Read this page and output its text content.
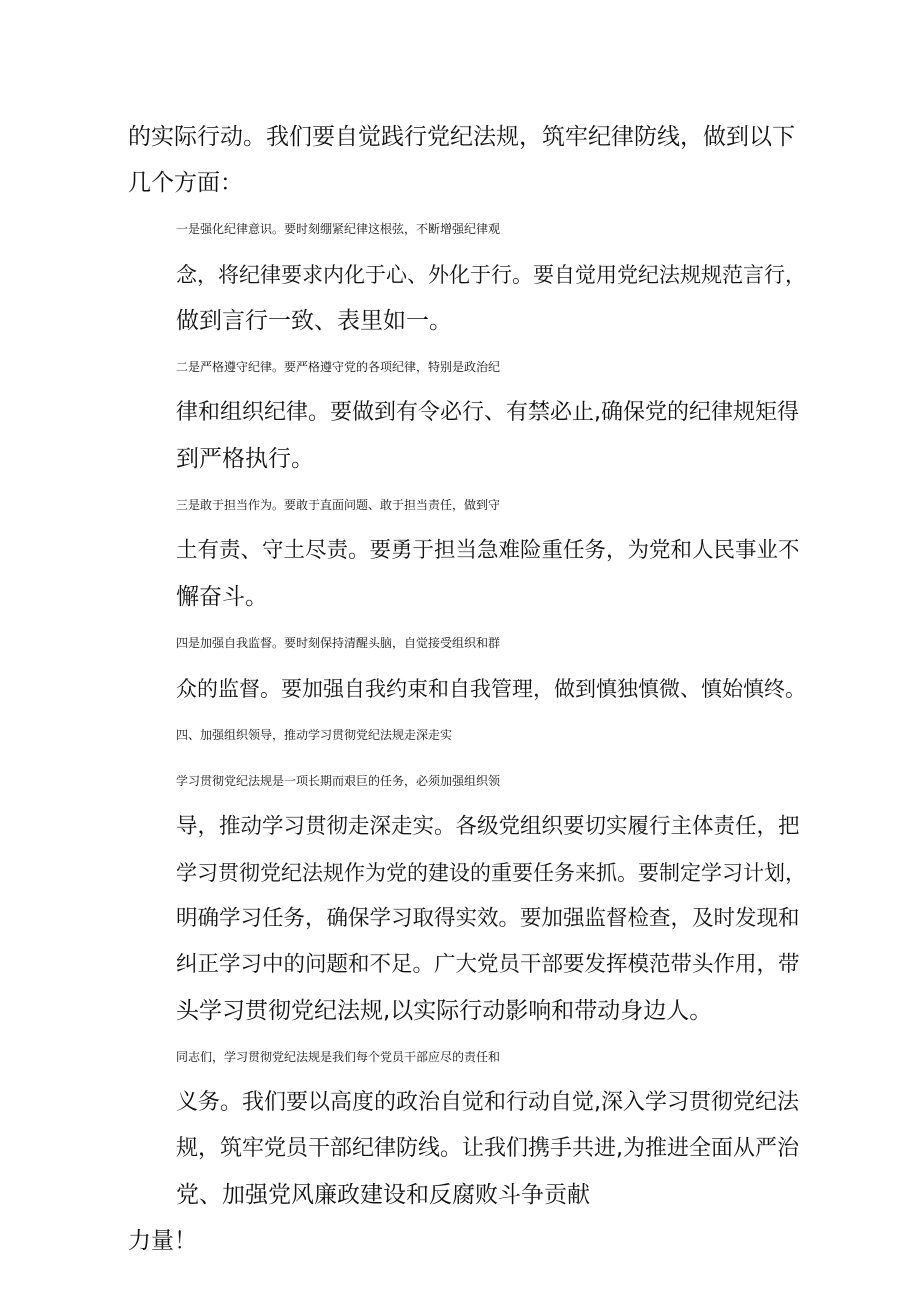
的实际行动。我们要自觉践行党纪法规，筑牢纪律防线，做到以下
几个方面：
一是强化纪律意识。要时刻绷紧纪律这根弦，不断增强纪律观
念，将纪律要求内化于心、外化于行。要自觉用党纪法规规范言行，
做到言行一致、表里如一。
二是严格遵守纪律。要严格遵守党的各项纪律，特别是政治纪
律和组织纪律。要做到有令必行、有禁必止,确保党的纪律规矩得
到严格执行。
三是敢于担当作为。要敢于直面问题、敢于担当责任，做到守
土有责、守土尽责。要勇于担当急难险重任务，为党和人民事业不
懈奋斗。
四是加强自我监督。要时刻保持清醒头脑，自觉接受组织和群
众的监督。要加强自我约束和自我管理，做到慎独慎微、慎始慎终。
四、加强组织领导，推动学习贯彻党纪法规走深走实
学习贯彻党纪法规是一项长期而艰巨的任务，必须加强组织领
导，推动学习贯彻走深走实。各级党组织要切实履行主体责任，把
学习贯彻党纪法规作为党的建设的重要任务来抓。要制定学习计划，
明确学习任务，确保学习取得实效。要加强监督检查，及时发现和
纠正学习中的问题和不足。广大党员干部要发挥模范带头作用，带
头学习贯彻党纪法规,以实际行动影响和带动身边人。
同志们，学习贯彻党纪法规是我们每个党员干部应尽的责任和
义务。我们要以高度的政治自觉和行动自觉,深入学习贯彻党纪法
规，筑牢党员干部纪律防线。让我们携手共进,为推进全面从严治
党、加强党风廉政建设和反腐败斗争贡献
力量！
